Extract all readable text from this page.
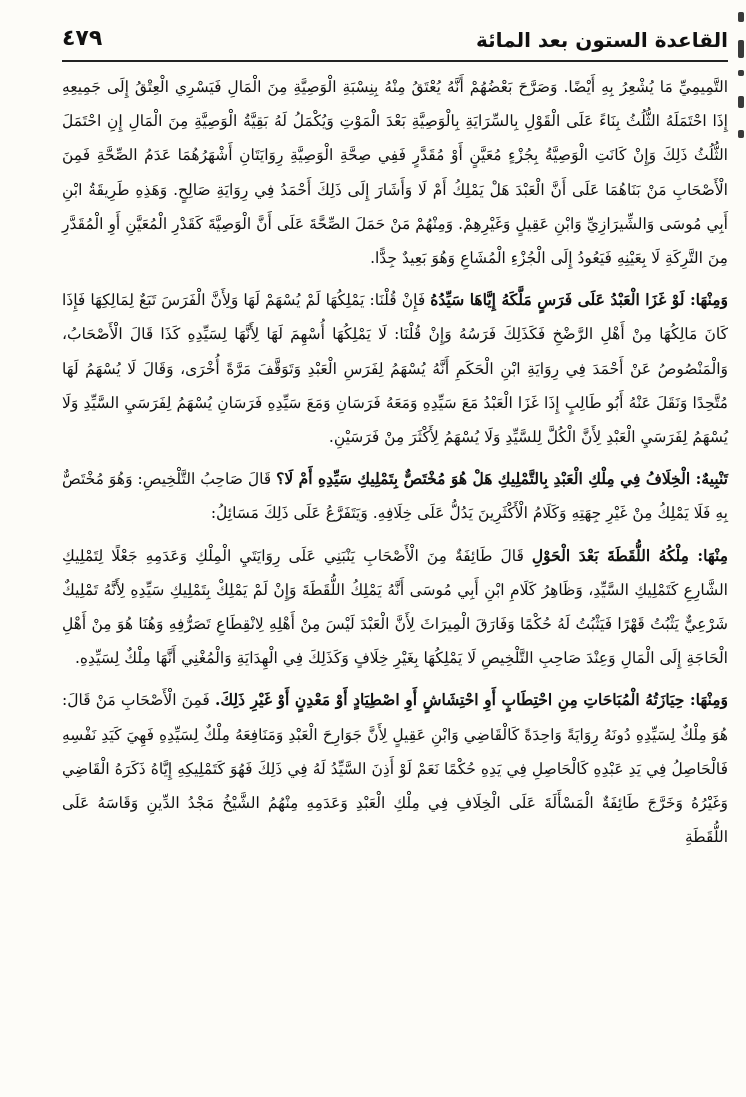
القاعدة الستون بعد المائة
٤٧٩

التَّمِيمِيِّ مَا يُشْعِرُ بِهِ أَيْضًا. وَصَرَّحَ بَعْضُهُمْ أَنَّهُ يُعْتَقُ مِنْهُ بِنِسْبَةِ الْوَصِيَّةِ مِنَ الْمَالِ فَيَسْرِي الْعِتْقُ إِلَى جَمِيعِهِ إِذَا احْتَمَلَهُ الثُّلُثُ بِنَاءً عَلَى الْقَوْلِ بِالسِّرَايَةِ بِالْوَصِيَّةِ بَعْدَ الْمَوْتِ وَيُكْمَلُ لَهُ بَقِيَّةُ الْوَصِيَّةِ مِنَ الْمَالِ إِنِ احْتَمَلَ الثُّلُثُ ذَلِكَ وَإِنْ كَانَتِ الْوَصِيَّةُ بِجُزْءٍ مُعَيَّنٍ أَوْ مُقَدَّرٍ فَفِي صِحَّةِ الْوَصِيَّةِ رِوَايَتَانِ أَشْهَرُهُمَا عَدَمُ الصِّحَّةِ فَمِنَ الْأَصْحَابِ مَنْ بَنَاهُمَا عَلَى أَنَّ الْعَبْدَ هَلْ يَمْلِكُ أَمْ لَا وَأَشَارَ إِلَى ذَلِكَ أَحْمَدُ فِي رِوَايَةِ صَالِحٍ. وَهَذِهِ طَرِيقَةُ ابْنِ أَبِي مُوسَى وَالشِّيرَازِيِّ وَابْنِ عَقِيلٍ وَغَيْرِهِمْ. وَمِنْهُمْ مَنْ حَمَلَ الصِّحَّةَ عَلَى أَنَّ الْوَصِيَّةَ كَقَدْرِ الْمُعَيَّنِ أَوِ الْمُقَدَّرِ مِنَ التَّرِكَةِ لَا بِعَيْنِهِ فَيَعُودُ إِلَى الْجُزْءِ الْمُشَاعِ وَهُوَ بَعِيدٌ جِدًّا.

وَمِنْهَا: لَوْ غَزَا الْعَبْدُ عَلَى فَرَسٍ مَلَّكَهُ إِيَّاهَا سَيِّدُهُ فَإِنْ قُلْنَا: يَمْلِكُهَا لَمْ يُسْهَمْ لَهَا وَلِأَنَّ الْفَرَسَ تَبَعٌ لِمَالِكِهَا فَإِذَا كَانَ مَالِكُهَا مِنْ أَهْلِ الرَّضْخِ فَكَذَلِكَ فَرَسُهُ وَإِنْ قُلْنَا: لَا يَمْلِكُهَا أُسْهِمَ لَهَا لِأَنَّهَا لِسَيِّدِهِ كَذَا قَالَ الْأَصْحَابُ، وَالْمَنْصُوصُ عَنْ أَحْمَدَ فِي رِوَايَةِ ابْنِ الْحَكَمِ أَنَّهُ يُسْهَمُ لِفَرَسِ الْعَبْدِ وَتَوَقَّفَ مَرَّةً أُخْرَى، وَقَالَ لَا يُسْهَمُ لَهَا مُتَّحِدًا وَنَقَلَ عَنْهُ أَبُو طَالِبٍ إِذَا غَزَا الْعَبْدُ مَعَ سَيِّدِهِ وَمَعَهُ فَرَسَانِ وَمَعَ سَيِّدِهِ فَرَسَانِ يُسْهَمُ لِفَرَسَيِ السَّيِّدِ وَلَا يُسْهَمُ لِفَرَسَيِ الْعَبْدِ لِأَنَّ الْكُلَّ لِلسَّيِّدِ وَلَا يُسْهَمُ لِأَكْثَرَ مِنْ فَرَسَيْنِ.

تَنْبِيهٌ: الْخِلَافُ فِي مِلْكِ الْعَبْدِ بِالتَّمْلِيكِ هَلْ هُوَ مُخْتَصٌّ بِتَمْلِيكِ سَيِّدِهِ أَمْ لَا؟ قَالَ صَاحِبُ التَّلْخِيصِ: وَهُوَ مُخْتَصٌّ بِهِ فَلَا يَمْلِكُ مِنْ غَيْرِ جِهَتِهِ وَكَلَامُ الْأَكْثَرِينَ يَدُلُّ عَلَى خِلَافِهِ. وَيَتَفَرَّعُ عَلَى ذَلِكَ مَسَائِلُ:

مِنْهَا: مِلْكُهُ اللُّقَطَةَ بَعْدَ الْحَوْلِ قَالَ طَائِفَةٌ مِنَ الْأَصْحَابِ يَنْبَنِي عَلَى رِوَايَتَيِ الْمِلْكِ وَعَدَمِهِ جَعْلًا لِتَمْلِيكِ الشَّارِعِ كَتَمْلِيكِ السَّيِّدِ، وَظَاهِرُ كَلَامِ ابْنِ أَبِي مُوسَى أَنَّهُ يَمْلِكُ اللُّقَطَةَ وَإِنْ لَمْ يَمْلِكْ بِتَمْلِيكِ سَيِّدِهِ لِأَنَّهُ تَمْلِيكٌ شَرْعِيٌّ يَثْبُتُ قَهْرًا فَيَثْبُتُ لَهُ حُكْمًا وَفَارَقَ الْمِيرَاثَ لِأَنَّ الْعَبْدَ لَيْسَ مِنْ أَهْلِهِ لِانْقِطَاعِ تَصَرُّفِهِ وَهُنَا هُوَ مِنْ أَهْلِ الْحَاجَةِ إِلَى الْمَالِ وَعِنْدَ صَاحِبِ التَّلْخِيصِ لَا يَمْلِكُهَا بِغَيْرِ خِلَافٍ وَكَذَلِكَ فِي الْهِدَايَةِ وَالْمُغْنِي أَنَّهَا مِلْكٌ لِسَيِّدِهِ.

وَمِنْهَا: حِيَازَتُهُ الْمُبَاحَاتِ مِنِ احْتِطَابٍ أَوِ احْتِشَاشٍ أَوِ اصْطِيَادٍ أَوْ مَعْدِنٍ أَوْ غَيْرِ ذَلِكَ. فَمِنَ الْأَصْحَابِ مَنْ قَالَ: هُوَ مِلْكٌ لِسَيِّدِهِ دُونَهُ رِوَايَةً وَاحِدَةً كَالْقَاضِي وَابْنِ عَقِيلٍ لِأَنَّ جَوَارِحَ الْعَبْدِ وَمَنَافِعَهُ مِلْكٌ لِسَيِّدِهِ فَهِيَ كَيَدِ نَفْسِهِ فَالْحَاصِلُ فِي يَدِ عَبْدِهِ كَالْحَاصِلِ فِي يَدِهِ حُكْمًا نَعَمْ لَوْ أَذِنَ السَّيِّدُ لَهُ فِي ذَلِكَ فَهُوَ كَتَمْلِيكِهِ إِيَّاهُ ذَكَرَهُ الْقَاضِي وَغَيْرُهُ وَخَرَّجَ طَائِفَةٌ الْمَسْأَلَةَ عَلَى الْخِلَافِ فِي مِلْكِ الْعَبْدِ وَعَدَمِهِ مِنْهُمُ الشَّيْخُ مَجْدُ الدِّينِ وَقَاسَهُ عَلَى اللُّقَطَةِ
